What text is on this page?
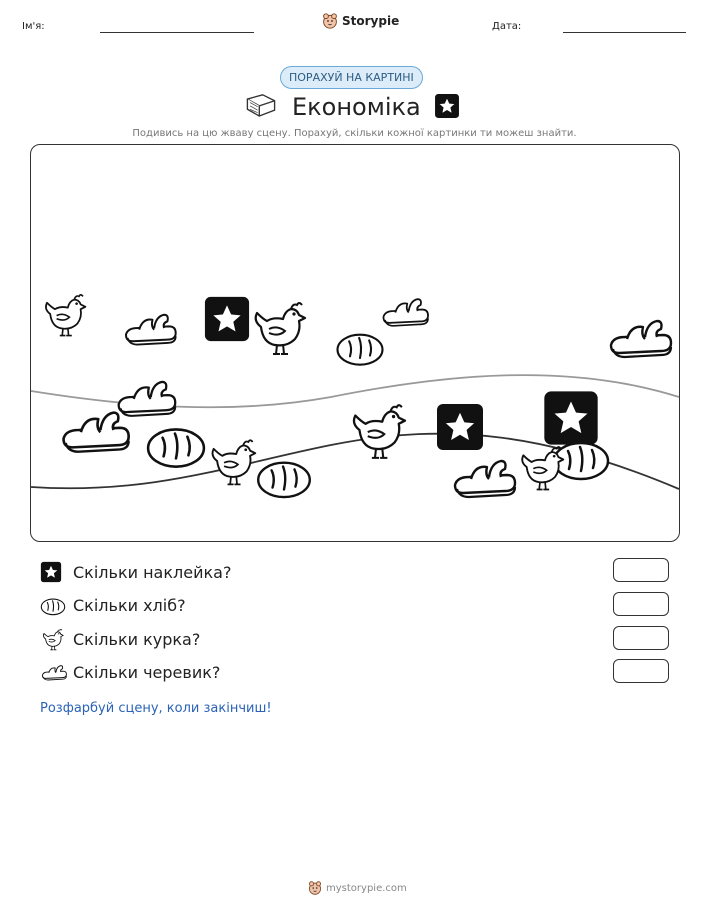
Ім'я:	Storypie	Дата:
ПОРАХУЙ НА КАРТИНІ
Економіка
Подивись на цю жваву сцену. Порахуй, скільки кожної картинки ти можеш знайти.
Скільки наклейка?
Скільки хліб?
Скільки курка?
Скільки черевик?
Розфарбуй сцену, коли закінчиш!
mystorypie.com
